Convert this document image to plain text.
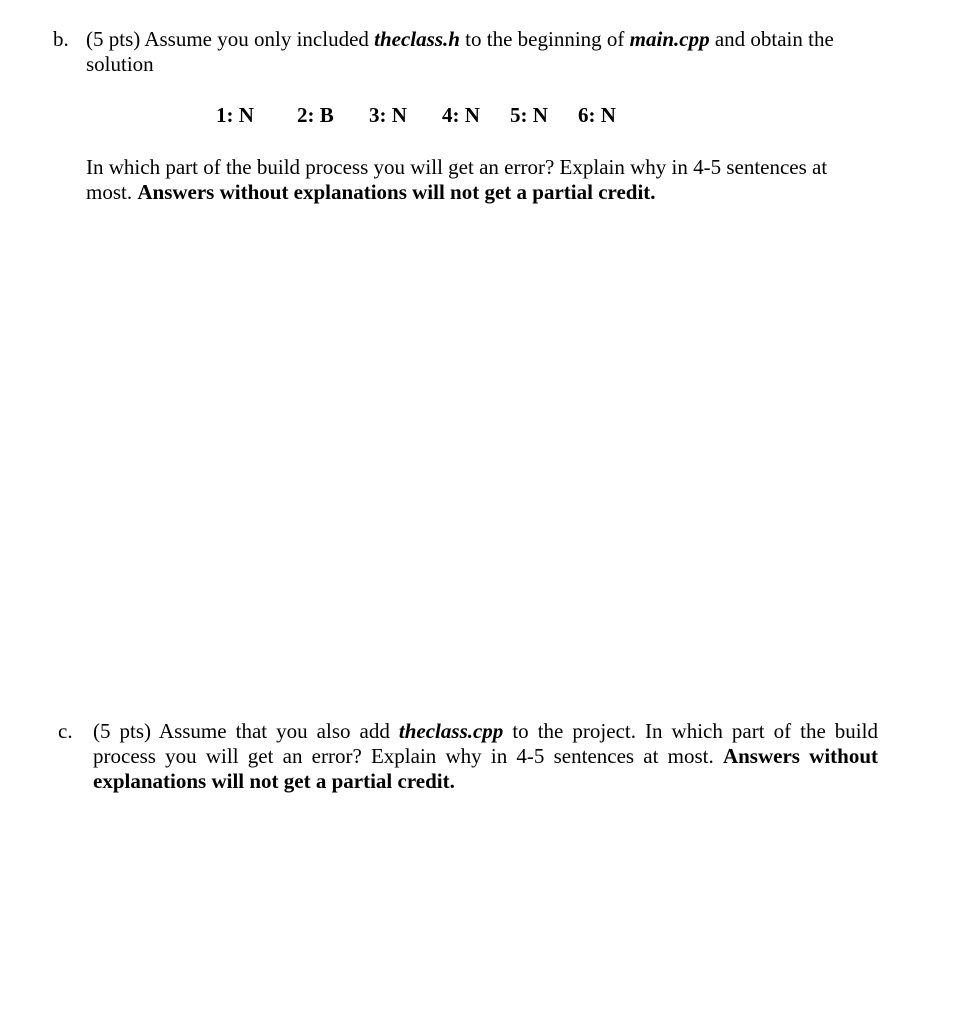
b. (5 pts) Assume you only included theclass.h to the beginning of main.cpp and obtain the solution
1: N 2: B 3: N 4: N 5: N 6: N
In which part of the build process you will get an error? Explain why in 4-5 sentences at most. Answers without explanations will not get a partial credit.
c. (5 pts) Assume that you also add theclass.cpp to the project. In which part of the build process you will get an error? Explain why in 4-5 sentences at most. Answers without explanations will not get a partial credit.
